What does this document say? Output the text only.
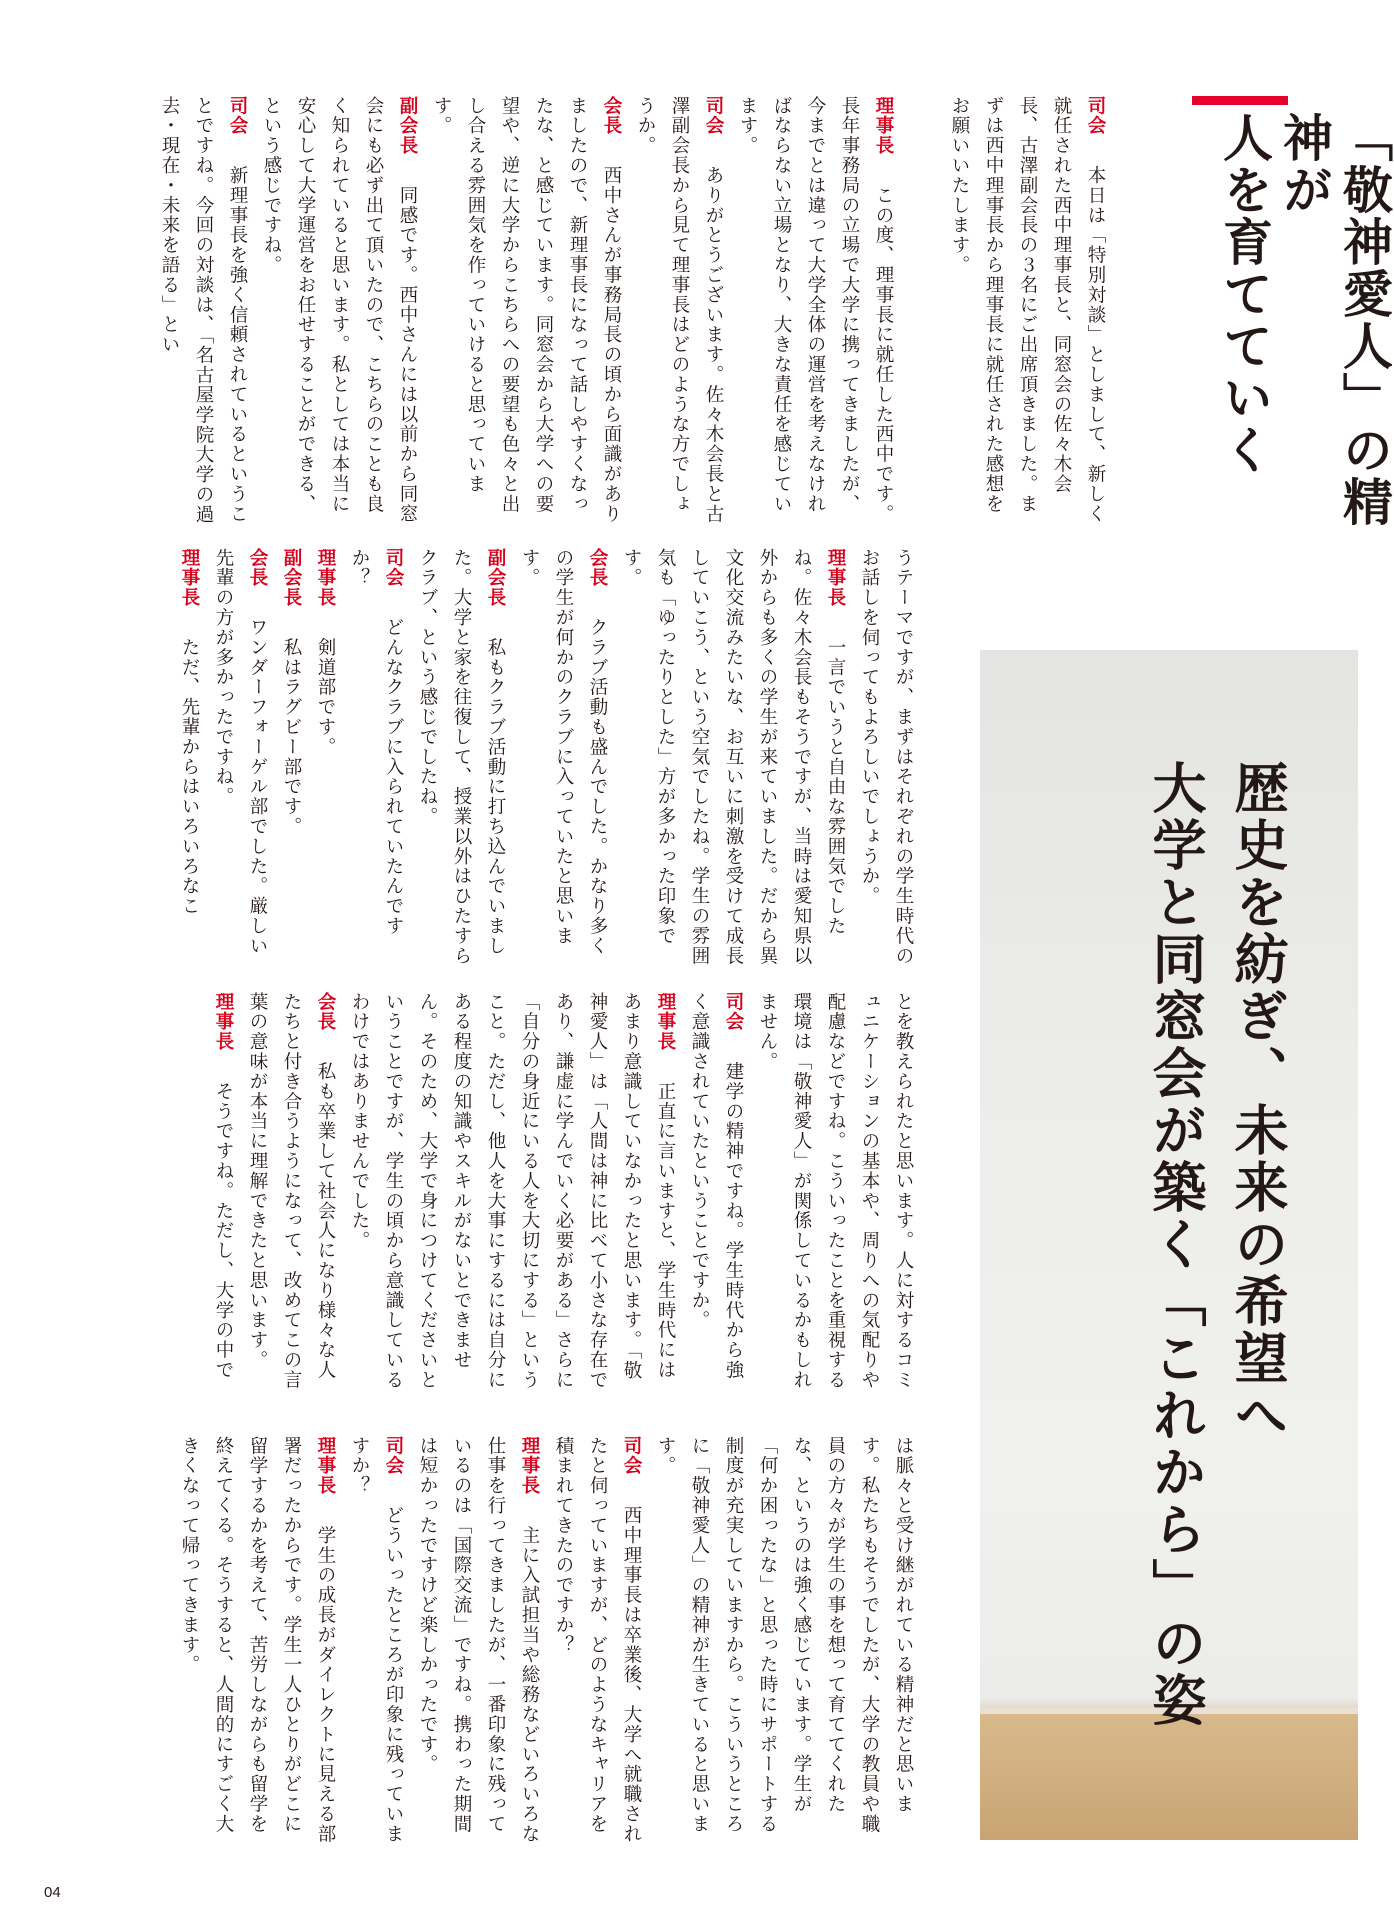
「敬神愛人」の精神が
人を育てていく
歴史を紡ぎ、未来の希望へ
大学と同窓会が築く「これから」の姿

司会　本日は「特別対談」としまして、新しく就任された西中理事長と、同窓会の佐々木会長、古澤副会長の３名にご出席頂きました。まずは西中理事長から理事長に就任された感想をお願いいたします。

理事長　この度、理事長に就任した西中です。長年事務局の立場で大学に携ってきましたが、今までとは違って大学全体の運営を考えなければならない立場となり、大きな責任を感じています。

司会　ありがとうございます。佐々木会長と古澤副会長から見て理事長はどのような方でしょうか。

会長　西中さんが事務局長の頃から面識がありましたので、新理事長になって話しやすくなったな、と感じています。同窓会から大学への要望や、逆に大学からこちらへの要望も色々と出し合える雰囲気を作っていけると思っています。

副会長　同感です。西中さんには以前から同窓会にも必ず出て頂いたので、こちらのことも良く知られていると思います。私としては本当に安心して大学運営をお任せすることができる、という感じですね。

司会　新理事長を強く信頼されているということですね。今回の対談は、「名古屋学院大学の過去・現在・未来を語る」とい

うテーマですが、まずはそれぞれの学生時代のお話しを伺ってもよろしいでしょうか。

理事長　一言でいうと自由な雰囲気でしたね。佐々木会長もそうですが、当時は愛知県以外からも多くの学生が来ていました。だから異文化交流みたいな、お互いに刺激を受けて成長していこう、という空気でしたね。学生の雰囲気も「ゆったりとした」方が多かった印象です。

会長　クラブ活動も盛んでした。かなり多くの学生が何かのクラブに入っていたと思います。

副会長　私もクラブ活動に打ち込んでいました。大学と家を往復して、授業以外はひたすらクラブ、という感じでしたね。

司会　どんなクラブに入られていたんですか？

理事長　剣道部です。

副会長　私はラグビー部です。

会長　ワンダーフォーゲル部でした。厳しい先輩の方が多かったですね。

理事長　ただ、先輩からはいろいろなこ

とを教えられたと思います。人に対するコミュニケーションの基本や、周りへの気配りや配慮などですね。こういったことを重視する環境は「敬神愛人」が関係しているかもしれません。

司会　建学の精神ですね。学生時代から強く意識されていたということですか。

理事長　正直に言いますと、学生時代にはあまり意識していなかったと思います。「敬神愛人」は「人間は神に比べて小さな存在であり、謙虚に学んでいく必要がある」さらに「自分の身近にいる人を大切にする」ということ。ただし、他人を大事にするには自分にある程度の知識やスキルがないとできません。そのため、大学で身につけてくださいということですが、学生の頃から意識しているわけではありませんでした。

会長　私も卒業して社会人になり様々な人たちと付き合うようになって、改めてこの言葉の意味が本当に理解できたと思います。

理事長　そうですね。ただし、大学の中で

は脈々と受け継がれている精神だと思います。私たちもそうでしたが、大学の教員や職員の方々が学生の事を想って育ててくれたな、というのは強く感じています。学生が「何か困ったな」と思った時にサポートする制度が充実していますから。こういうところに「敬神愛人」の精神が生きていると思います。

司会　西中理事長は卒業後、大学へ就職されたと伺っていますが、どのようなキャリアを積まれてきたのですか？

理事長　主に入試担当や総務などいろいろな仕事を行ってきましたが、一番印象に残っているのは「国際交流」ですね。携わった期間は短かったですけど楽しかったです。

司会　どういったところが印象に残っていますか？

理事長　学生の成長がダイレクトに見える部署だったからです。学生一人ひとりがどこに留学するかを考えて、苦労しながらも留学を終えてくる。そうすると、人間的にすごく大きくなって帰ってきます。

04
